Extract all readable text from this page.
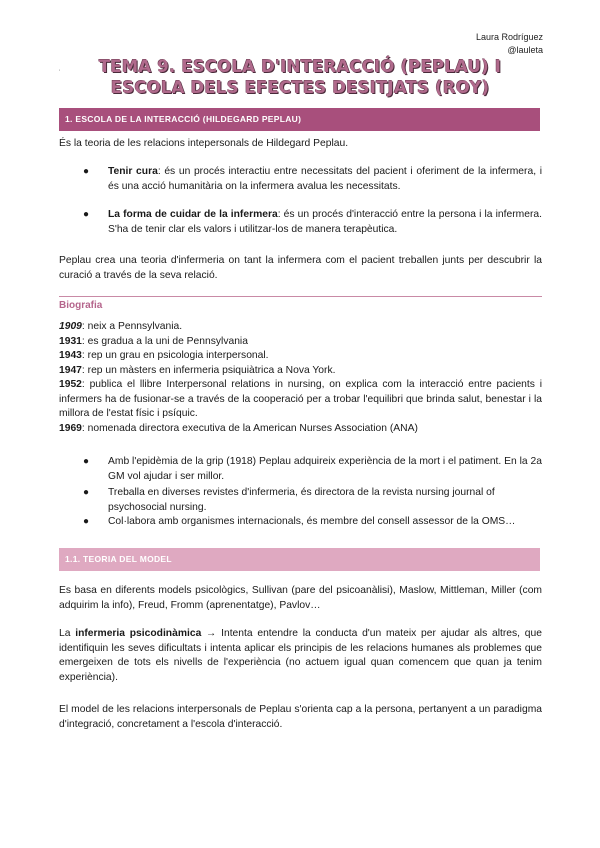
Laura Rodríguez
@lauleta
TEMA 9. ESCOLA D'INTERACCIÓ (PEPLAU) I
ESCOLA DELS EFECTES DESITJATS (ROY)
'
1. ESCOLA DE LA INTERACCIÓ (HILDEGARD PEPLAU)
És la teoria de les relacions intepersonals de Hildegard Peplau.
●	Tenir cura: és un procés interactiu entre necessitats del pacient i oferiment de la infermera, i és una acció humanitària on la infermera avalua les necessitats.
●	La forma de cuidar de la infermera: és un procés d'interacció entre la persona i la infermera. S'ha de tenir clar els valors i utilitzar-los de manera terapèutica.
Peplau crea una teoria d'infermeria on tant la infermera com el pacient treballen junts per descubrir la curació a través de la seva relació.
Biografia
1909: neix a Pennsylvania.
1931: es gradua a la uni de Pennsylvania
1943: rep un grau en psicologia interpersonal.
1947: rep un màsters en infermeria psiquiàtrica a Nova York.
1952: publica el llibre Interpersonal relations in nursing, on explica com la interacció entre pacients i infermers ha de fusionar-se a través de la cooperació per a trobar l'equilibri que brinda salut, benestar i la millora de l'estat físic i psíquic.
1969: nomenada directora executiva de la American Nurses Association (ANA)
●	Amb l'epidèmia de la grip (1918) Peplau adquireix experiència de la mort i el patiment. En la 2a GM vol ajudar i ser millor.
●	Treballa en diverses revistes d'infermeria, és directora de la revista nursing journal of psychosocial nursing.
●	Col·labora amb organismes internacionals, és membre del consell assessor de la OMS…
1.1. TEORIA DEL MODEL
Es basa en diferents models psicològics, Sullivan (pare del psicoanàlisi), Maslow, Mittleman, Miller (com adquirim la info), Freud, Fromm (aprenentatge), Pavlov…
La infermeria psicodinàmica → Intenta entendre la conducta d'un mateix per ajudar als altres, que identifiquin les seves dificultats i intenta aplicar els principis de les relacions humanes als problemes que emergeixen de tots els nivells de l'experiència (no actuem igual quan comencem que quan ja tenim experiència).
El model de les relacions interpersonals de Peplau s'orienta cap a la persona, pertanyent a un paradigma d'integració, concretament a l'escola d'interacció.
